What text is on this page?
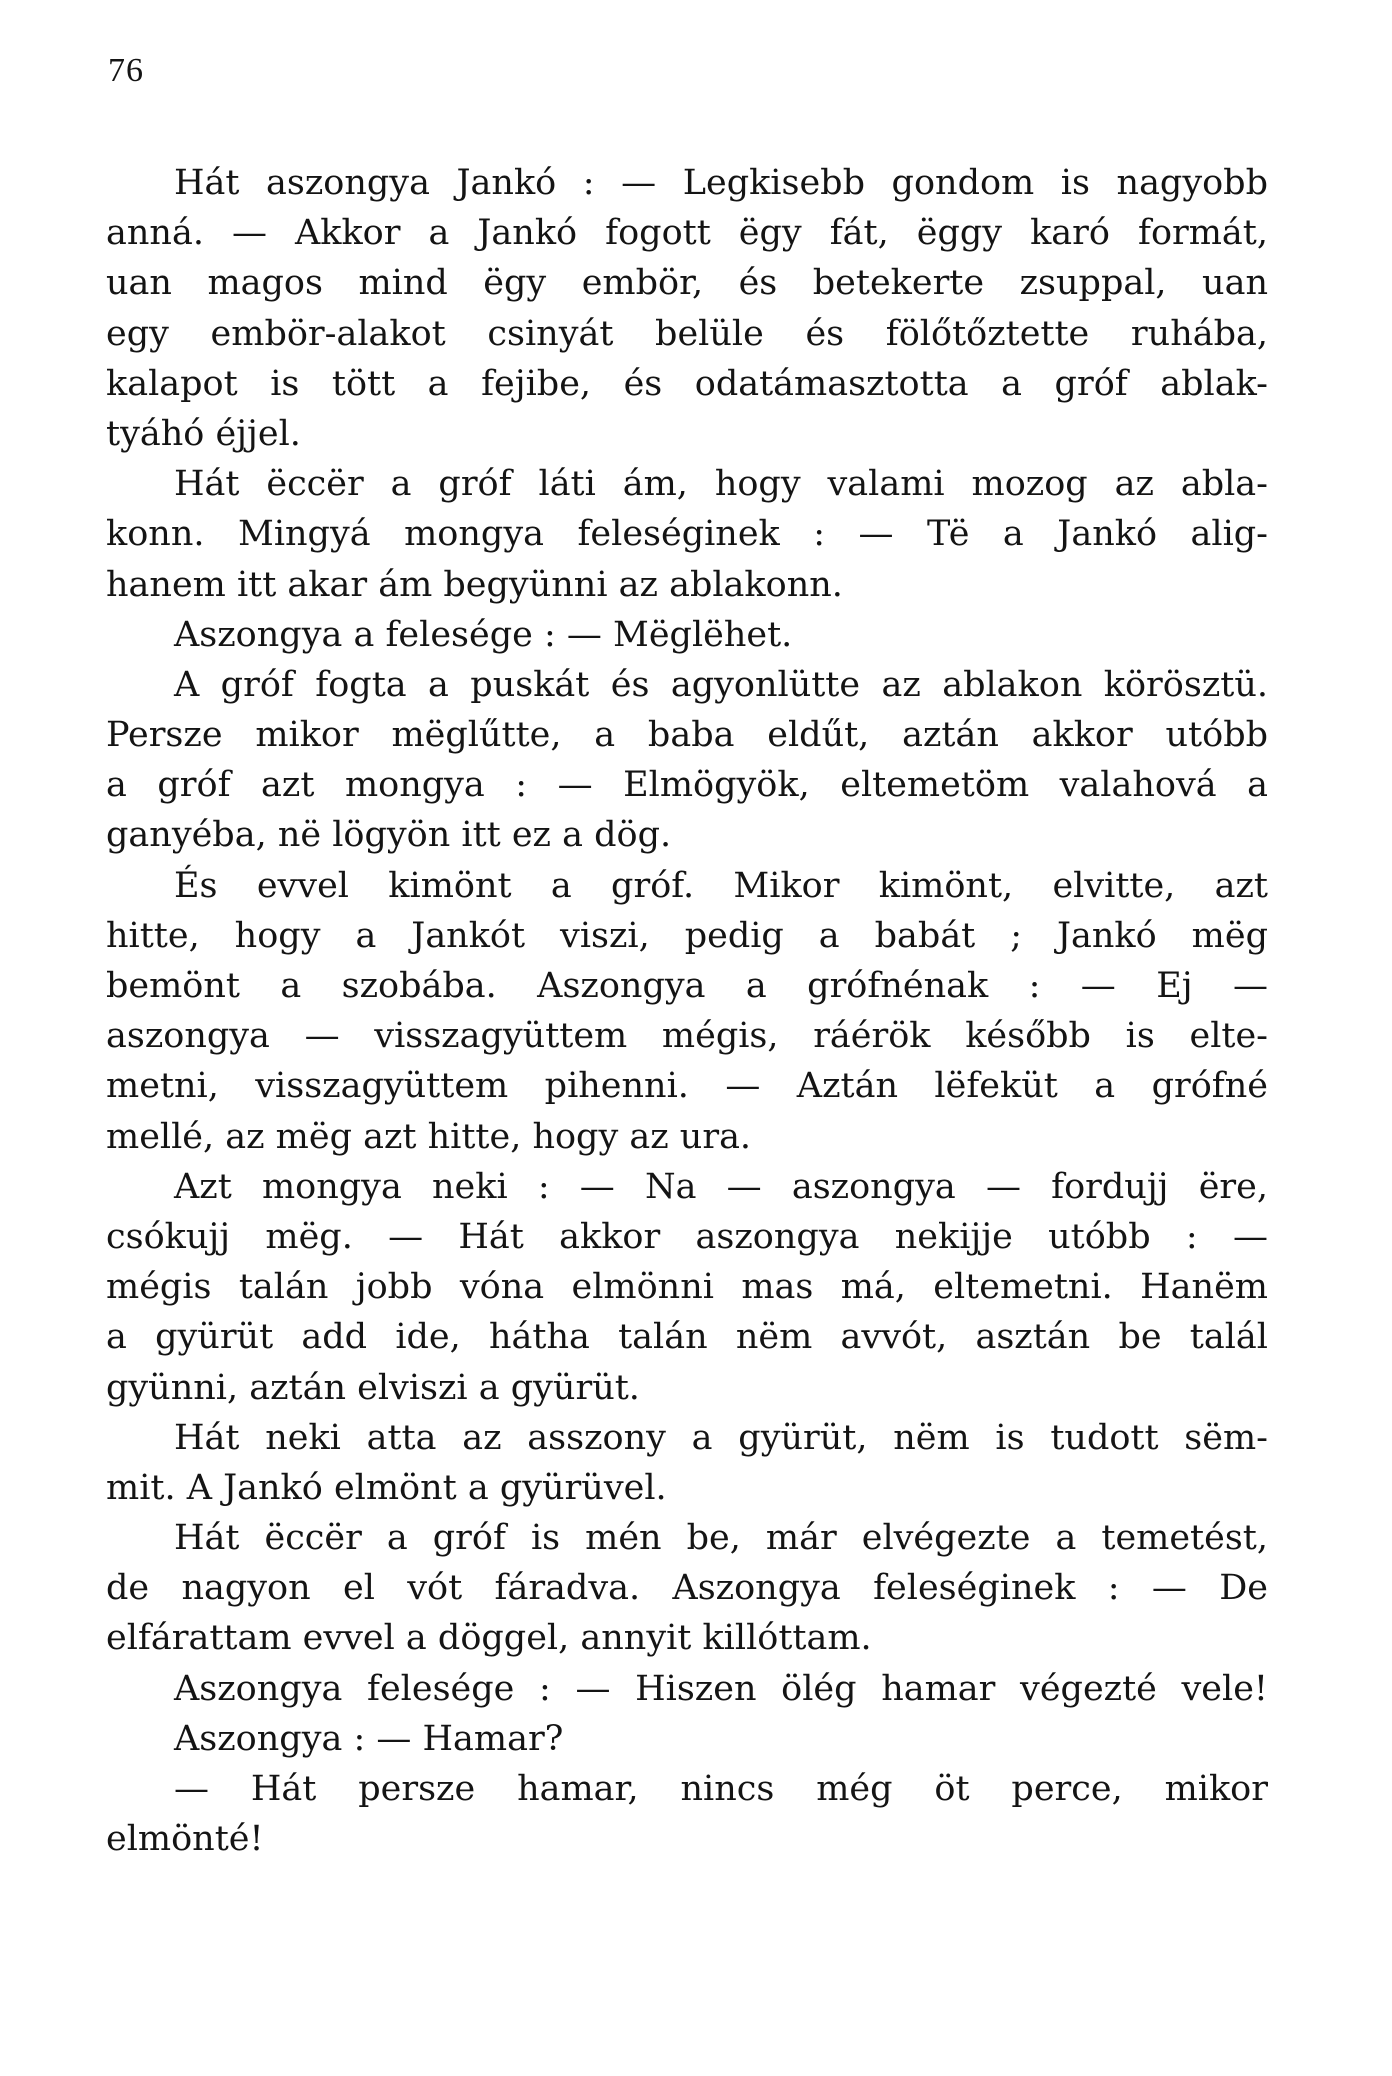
76
Hát aszongya Jankó : — Legkisebb gondom is nagyobb
anná. — Akkor a Jankó fogott ëgy fát, ëggy karó formát,
uan magos mind ëgy embör, és betekerte zsuppal, uan
egy embör-alakot csinyát belüle és fölőtőztette ruhába,
kalapot is tött a fejibe, és odatámasztotta a gróf ablak-
tyáhó éjjel.
Hát ëccër a gróf láti ám, hogy valami mozog az abla-
konn. Mingyá mongya feleséginek : — Të a Jankó alig-
hanem itt akar ám begyünni az ablakonn.
Aszongya a felesége : — Mëglëhet.
A gróf fogta a puskát és agyonlütte az ablakon körösztü.
Persze mikor mëglűtte, a baba eldűt, aztán akkor utóbb
a gróf azt mongya : — Elmögyök, eltemetöm valahová a
ganyéba, në lögyön itt ez a dög.
És evvel kimönt a gróf. Mikor kimönt, elvitte, azt
hitte, hogy a Jankót viszi, pedig a babát ; Jankó mëg
bemönt a szobába. Aszongya a grófnénak : — Ej —
aszongya — visszagyüttem mégis, ráérök később is elte-
metni, visszagyüttem pihenni. — Aztán lëfeküt a grófné
mellé, az mëg azt hitte, hogy az ura.
Azt mongya neki : — Na — aszongya — fordujj ëre,
csókujj mëg. — Hát akkor aszongya nekijje utóbb : —
mégis talán jobb vóna elmönni mas má, eltemetni. Hanëm
a gyürüt add ide, hátha talán nëm avvót, asztán be talál
gyünni, aztán elviszi a gyürüt.
Hát neki atta az asszony a gyürüt, nëm is tudott sëm-
mit. A Jankó elmönt a gyürüvel.
Hát ëccër a gróf is mén be, már elvégezte a temetést,
de nagyon el vót fáradva. Aszongya feleséginek : — De
elfárattam evvel a döggel, annyit killóttam.
Aszongya felesége : — Hiszen ölég hamar végezté vele!
Aszongya : — Hamar?
— Hát persze hamar, nincs még öt perce, mikor
elmönté!
